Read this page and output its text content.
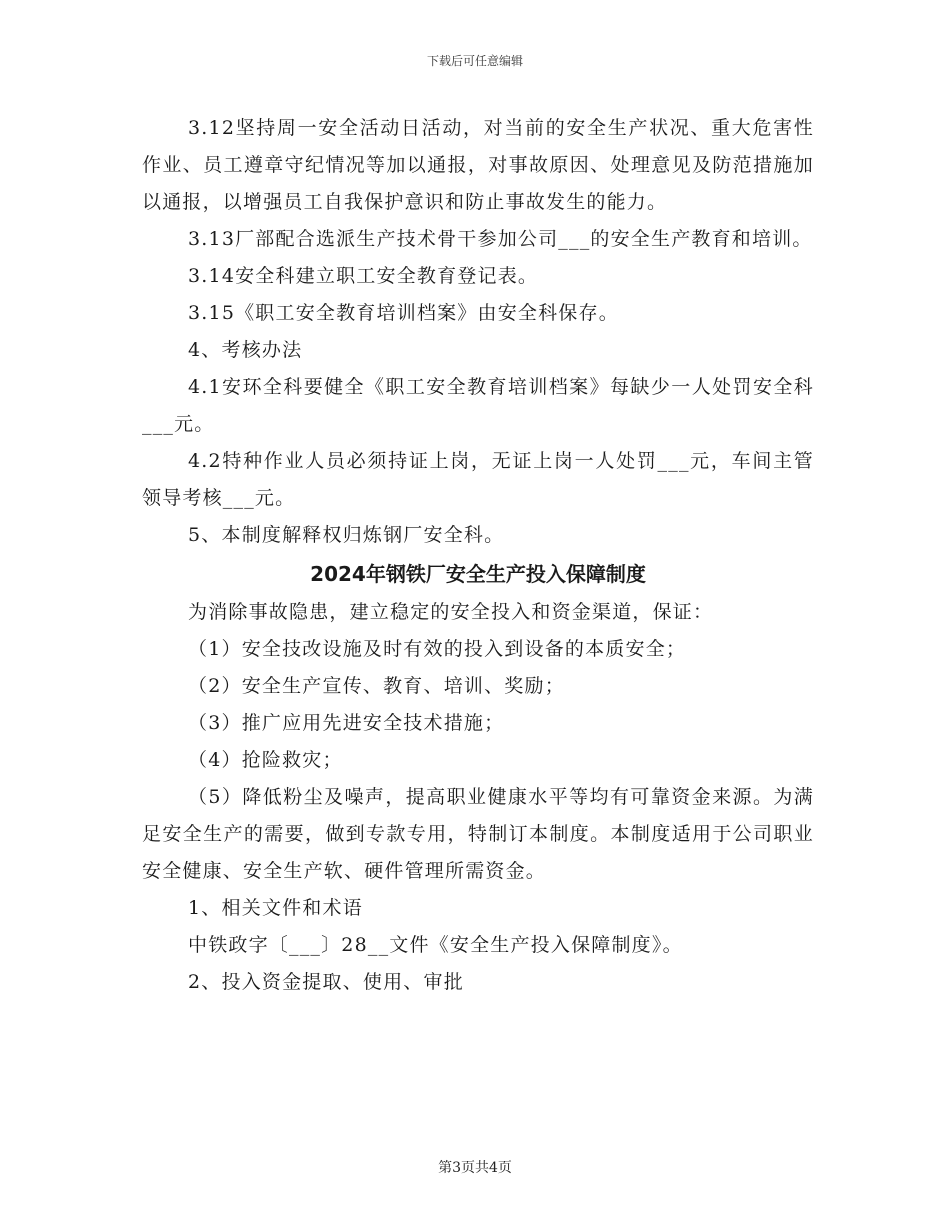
下载后可任意编辑

3.12坚持周一安全活动日活动，对当前的安全生产状况、重大危害性作业、员工遵章守纪情况等加以通报，对事故原因、处理意见及防范措施加以通报，以增强员工自我保护意识和防止事故发生的能力。

3.13厂部配合选派生产技术骨干参加公司___的安全生产教育和培训。

3.14安全科建立职工安全教育登记表。

3.15《职工安全教育培训档案》由安全科保存。

4、考核办法

4.1安环全科要健全《职工安全教育培训档案》每缺少一人处罚安全科___元。

4.2特种作业人员必须持证上岗，无证上岗一人处罚___元，车间主管领导考核___元。

5、本制度解释权归炼钢厂安全科。

2024年钢铁厂安全生产投入保障制度

为消除事故隐患，建立稳定的安全投入和资金渠道，保证：

（1）安全技改设施及时有效的投入到设备的本质安全；

（2）安全生产宣传、教育、培训、奖励；

（3）推广应用先进安全技术措施；

（4）抢险救灾；

（5）降低粉尘及噪声，提高职业健康水平等均有可靠资金来源。为满足安全生产的需要，做到专款专用，特制订本制度。本制度适用于公司职业安全健康、安全生产软、硬件管理所需资金。

1、相关文件和术语

中铁政字〔___〕28__文件《安全生产投入保障制度》。

2、投入资金提取、使用、审批

第3页共4页
